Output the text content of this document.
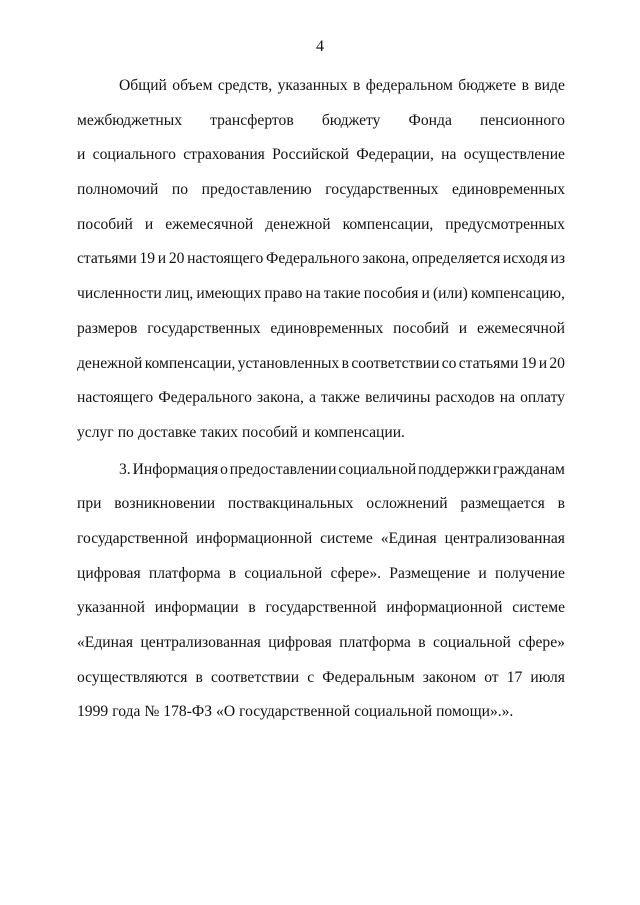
4
Общий объем средств, указанных в федеральном бюджете в виде
межбюджетных трансфертов бюджету Фонда пенсионного
и социального страхования Российской Федерации, на осуществление
полномочий по предоставлению государственных единовременных
пособий и ежемесячной денежной компенсации, предусмотренных
статьями 19 и 20 настоящего Федерального закона, определяется исходя из
численности лиц, имеющих право на такие пособия и (или) компенсацию,
размеров государственных единовременных пособий и ежемесячной
денежной компенсации, установленных в соответствии со статьями 19 и 20
настоящего Федерального закона, а также величины расходов на оплату
услуг по доставке таких пособий и компенсации.
3. Информация о предоставлении социальной поддержки гражданам
при возникновении поствакцинальных осложнений размещается в
государственной информационной системе «Единая централизованная
цифровая платформа в социальной сфере». Размещение и получение
указанной информации в государственной информационной системе
«Единая централизованная цифровая платформа в социальной сфере»
осуществляются в соответствии с Федеральным законом от 17 июля
1999 года № 178-ФЗ «О государственной социальной помощи».».
